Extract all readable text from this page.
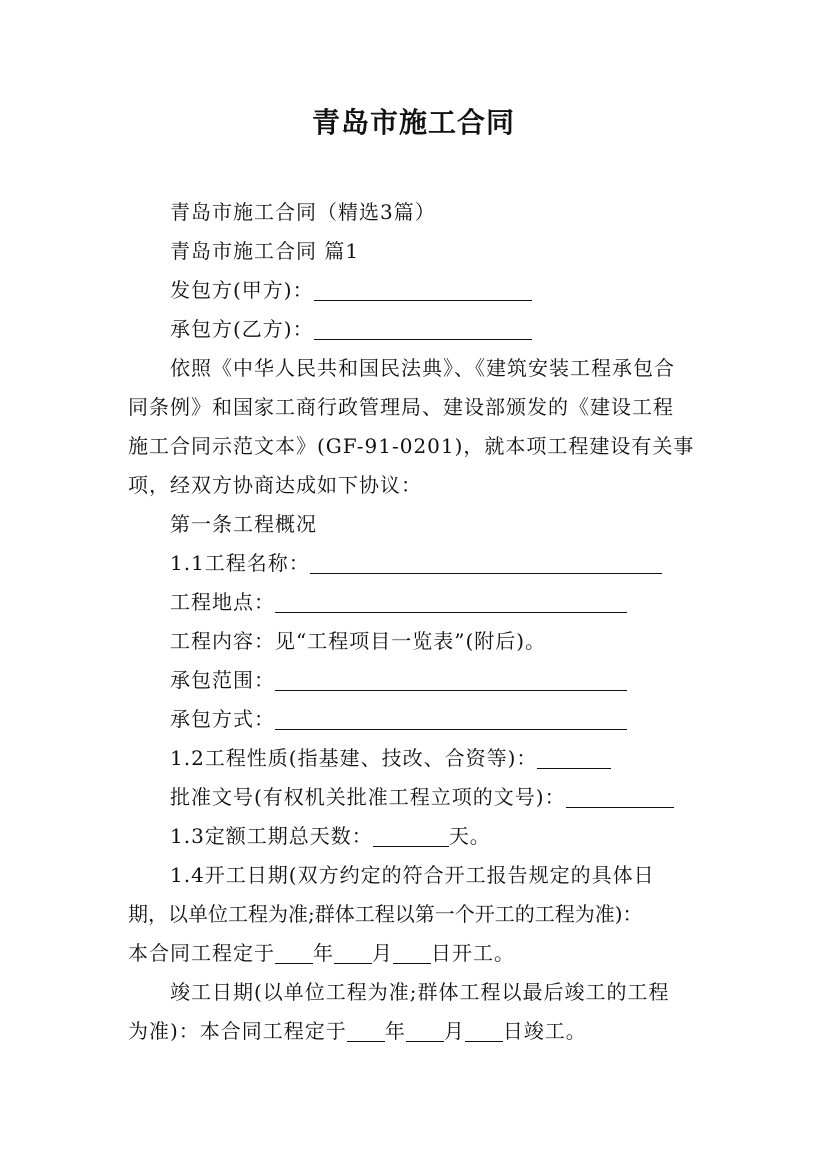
青岛市施工合同
青岛市施工合同（精选3篇）
青岛市施工合同 篇1
发包方(甲方)：
承包方(乙方)：
依照《中华人民共和国民法典》、《建筑安装工程承包合
同条例》和国家工商行政管理局、建设部颁发的《建设工程
施工合同示范文本》(GF-91-0201)，就本项工程建设有关事
项，经双方协商达成如下协议：
第一条工程概况
1.1工程名称：
工程地点：
工程内容：见“工程项目一览表”(附后)。
承包范围：
承包方式：
1.2工程性质(指基建、技改、合资等)：
批准文号(有权机关批准工程立项的文号)：
1.3定额工期总天数：	天。
1.4开工日期(双方约定的符合开工报告规定的具体日
期，以单位工程为准;群体工程以第一个开工的工程为准)：
本合同工程定于 年 月 日开工。
竣工日期(以单位工程为准;群体工程以最后竣工的工程
为准)：本合同工程定于 年 月 日竣工。
